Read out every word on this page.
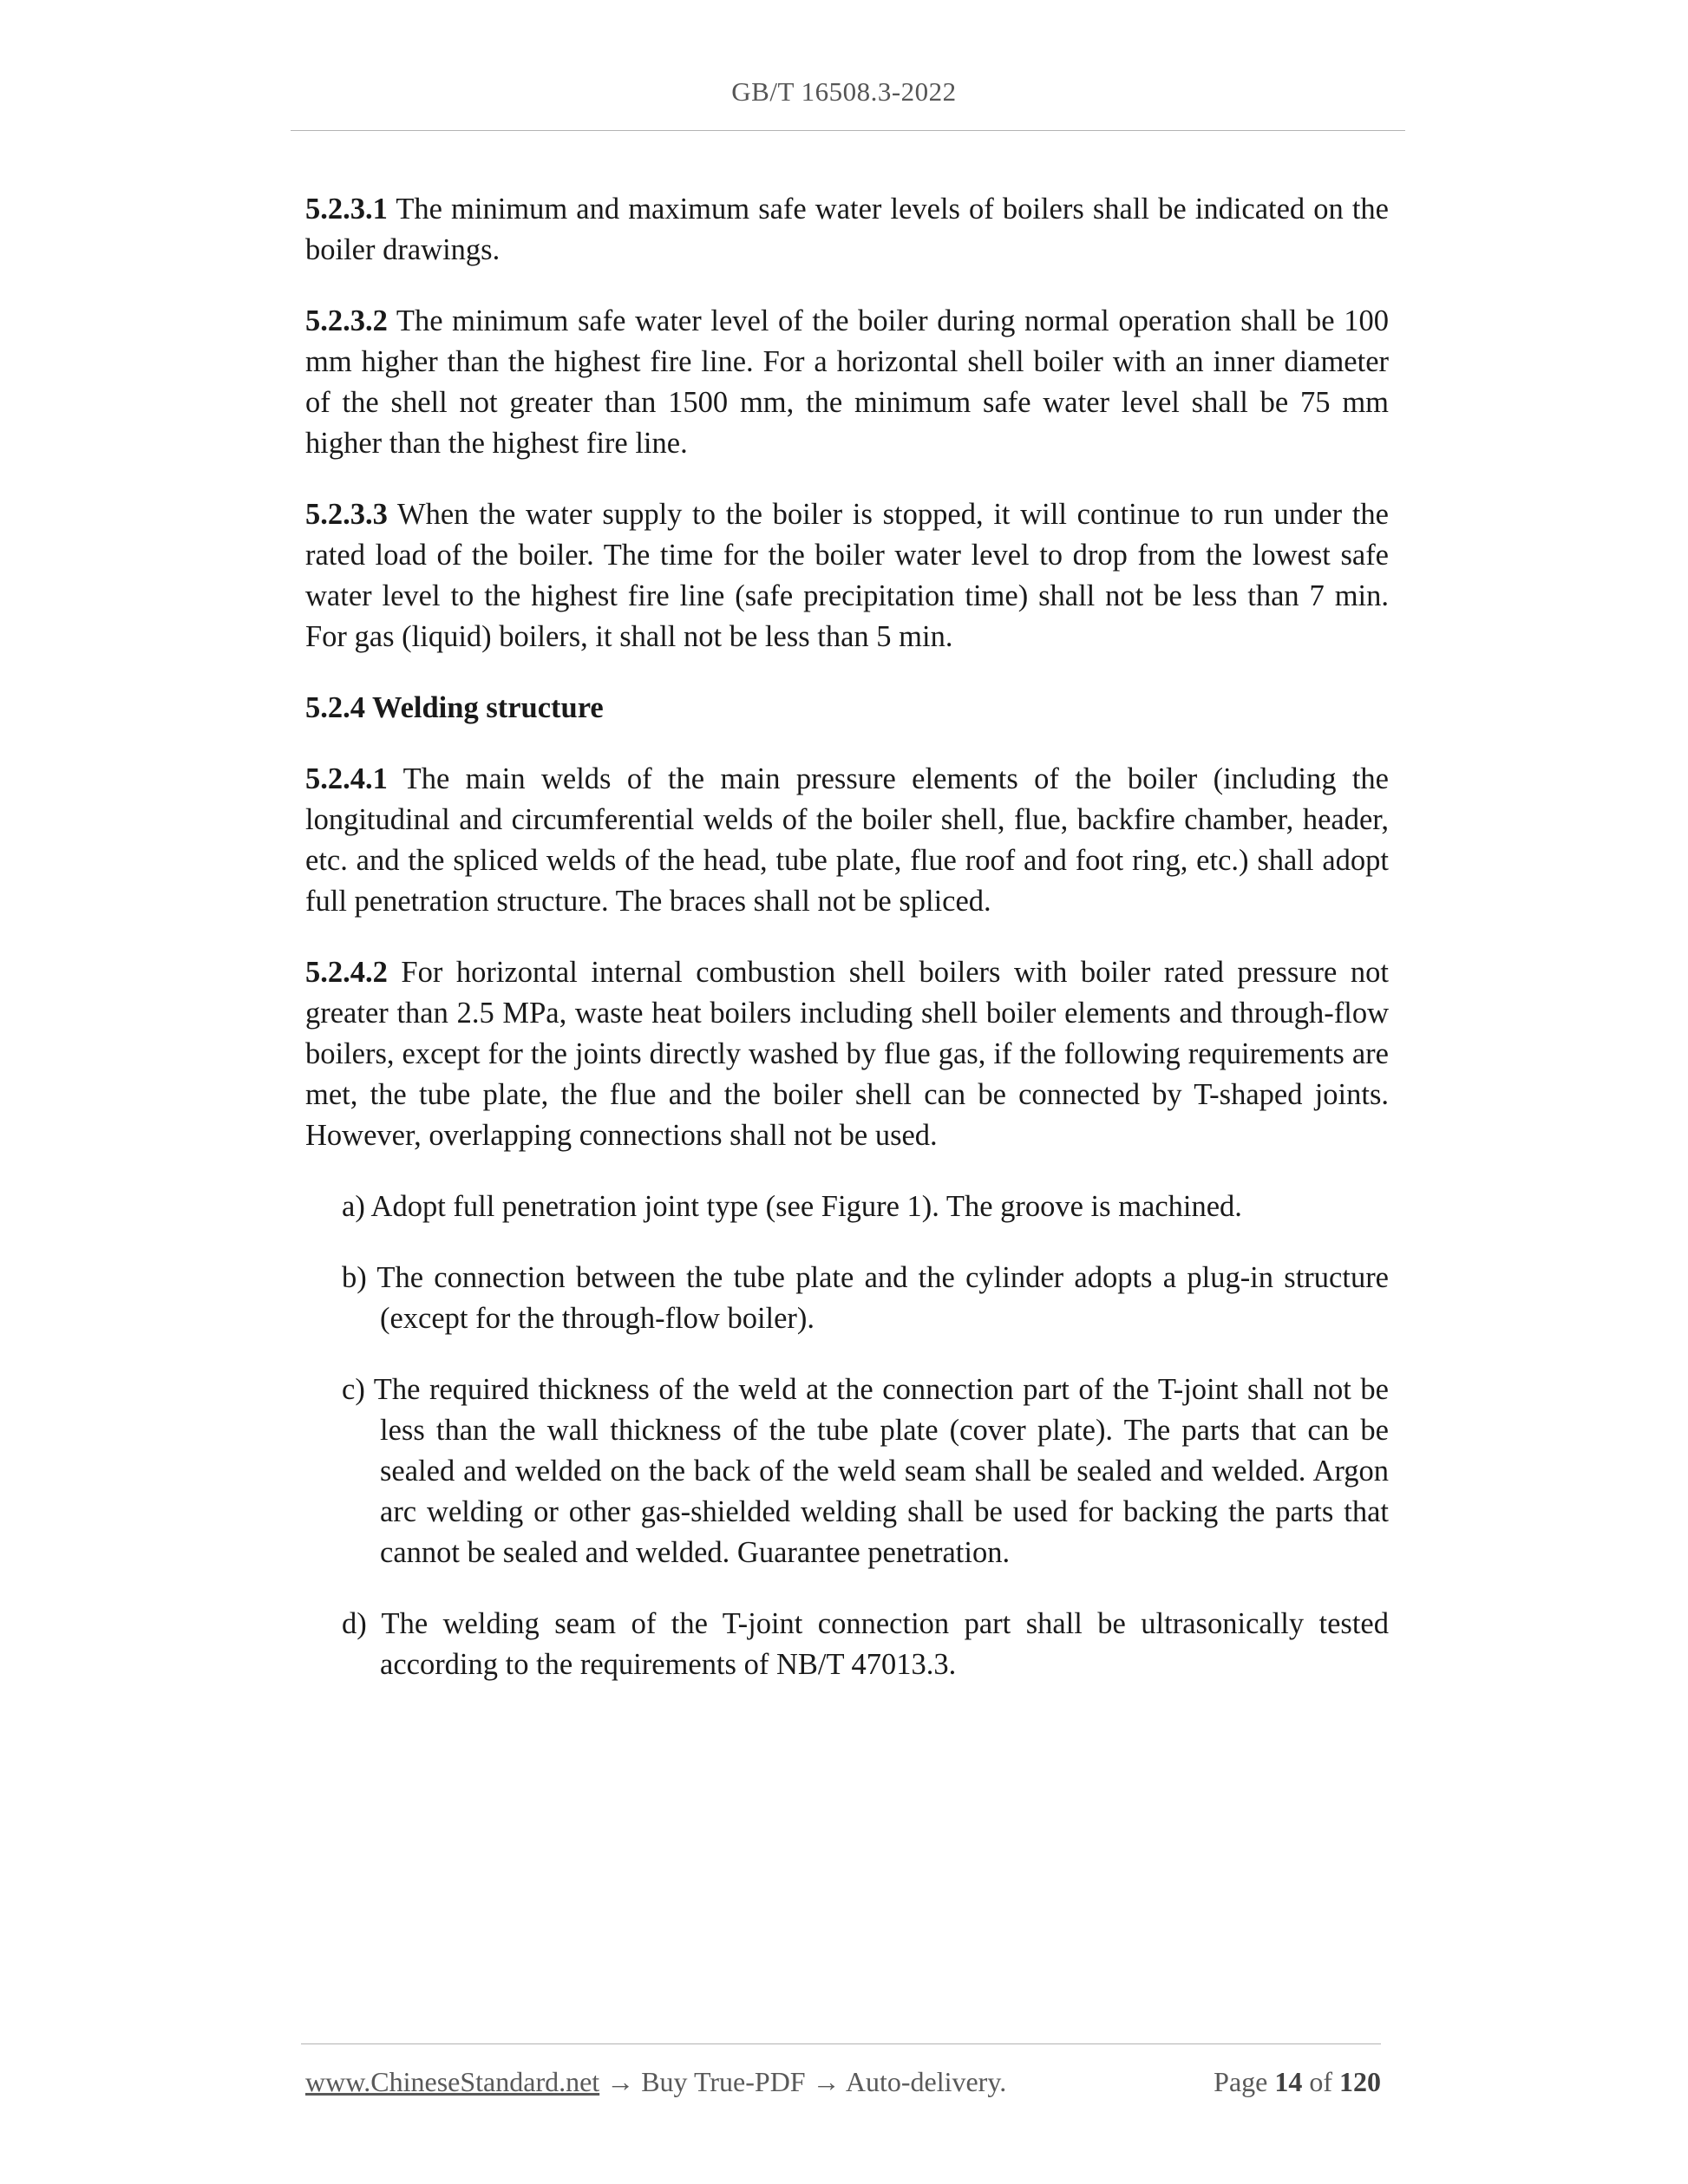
GB/T 16508.3-2022

5.2.3.1 The minimum and maximum safe water levels of boilers shall be indicated on the boiler drawings.

5.2.3.2 The minimum safe water level of the boiler during normal operation shall be 100 mm higher than the highest fire line. For a horizontal shell boiler with an inner diameter of the shell not greater than 1500 mm, the minimum safe water level shall be 75 mm higher than the highest fire line.

5.2.3.3 When the water supply to the boiler is stopped, it will continue to run under the rated load of the boiler. The time for the boiler water level to drop from the lowest safe water level to the highest fire line (safe precipitation time) shall not be less than 7 min. For gas (liquid) boilers, it shall not be less than 5 min.

5.2.4 Welding structure

5.2.4.1 The main welds of the main pressure elements of the boiler (including the longitudinal and circumferential welds of the boiler shell, flue, backfire chamber, header, etc. and the spliced welds of the head, tube plate, flue roof and foot ring, etc.) shall adopt full penetration structure. The braces shall not be spliced.

5.2.4.2 For horizontal internal combustion shell boilers with boiler rated pressure not greater than 2.5 MPa, waste heat boilers including shell boiler elements and through-flow boilers, except for the joints directly washed by flue gas, if the following requirements are met, the tube plate, the flue and the boiler shell can be connected by T-shaped joints. However, overlapping connections shall not be used.

a) Adopt full penetration joint type (see Figure 1). The groove is machined.

b) The connection between the tube plate and the cylinder adopts a plug-in structure (except for the through-flow boiler).

c) The required thickness of the weld at the connection part of the T-joint shall not be less than the wall thickness of the tube plate (cover plate). The parts that can be sealed and welded on the back of the weld seam shall be sealed and welded. Argon arc welding or other gas-shielded welding shall be used for backing the parts that cannot be sealed and welded. Guarantee penetration.

d) The welding seam of the T-joint connection part shall be ultrasonically tested according to the requirements of NB/T 47013.3.

www.ChineseStandard.net → Buy True-PDF → Auto-delivery.	Page 14 of 120
